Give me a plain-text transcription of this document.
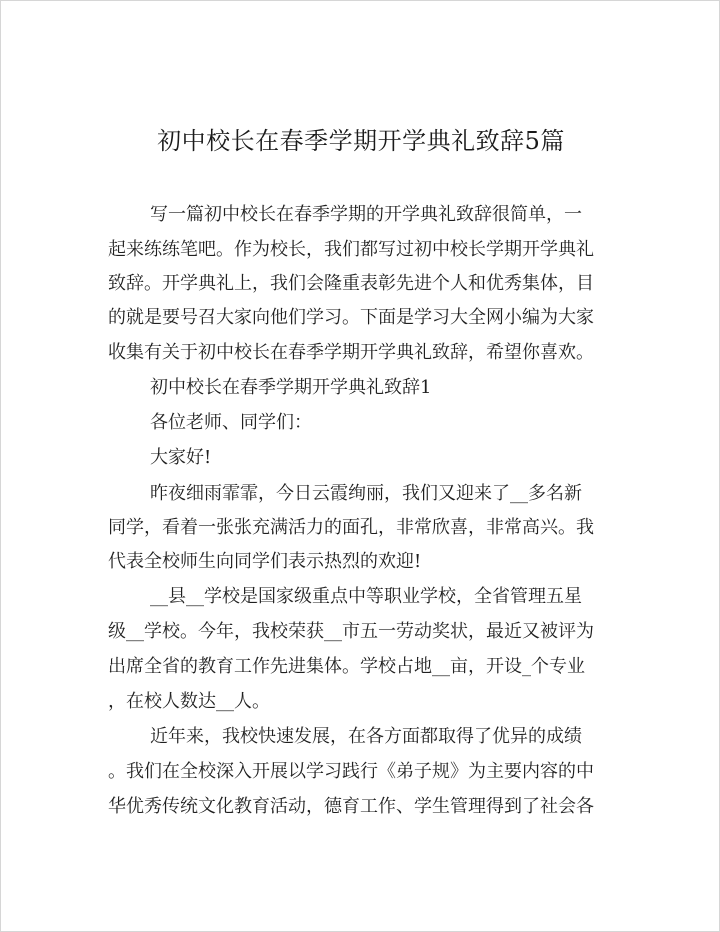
初中校长在春季学期开学典礼致辞5篇

写一篇初中校长在春季学期的开学典礼致辞很简单，一

起来练练笔吧。作为校长，我们都写过初中校长学期开学典礼

致辞。开学典礼上，我们会隆重表彰先进个人和优秀集体，目

的就是要号召大家向他们学习。下面是学习大全网小编为大家

收集有关于初中校长在春季学期开学典礼致辞，希望你喜欢。

初中校长在春季学期开学典礼致辞1

各位老师、同学们：

大家好!

昨夜细雨霏霏，今日云霞绚丽，我们又迎来了__多名新

同学，看着一张张充满活力的面孔，非常欣喜，非常高兴。我

代表全校师生向同学们表示热烈的欢迎!

__县__学校是国家级重点中等职业学校，全省管理五星

级__学校。今年，我校荣获__市五一劳动奖状，最近又被评为

出席全省的教育工作先进集体。学校占地__亩，开设_个专业

，在校人数达__人。

近年来，我校快速发展，在各方面都取得了优异的成绩

。我们在全校深入开展以学习践行《弟子规》为主要内容的中

华优秀传统文化教育活动，德育工作、学生管理得到了社会各
